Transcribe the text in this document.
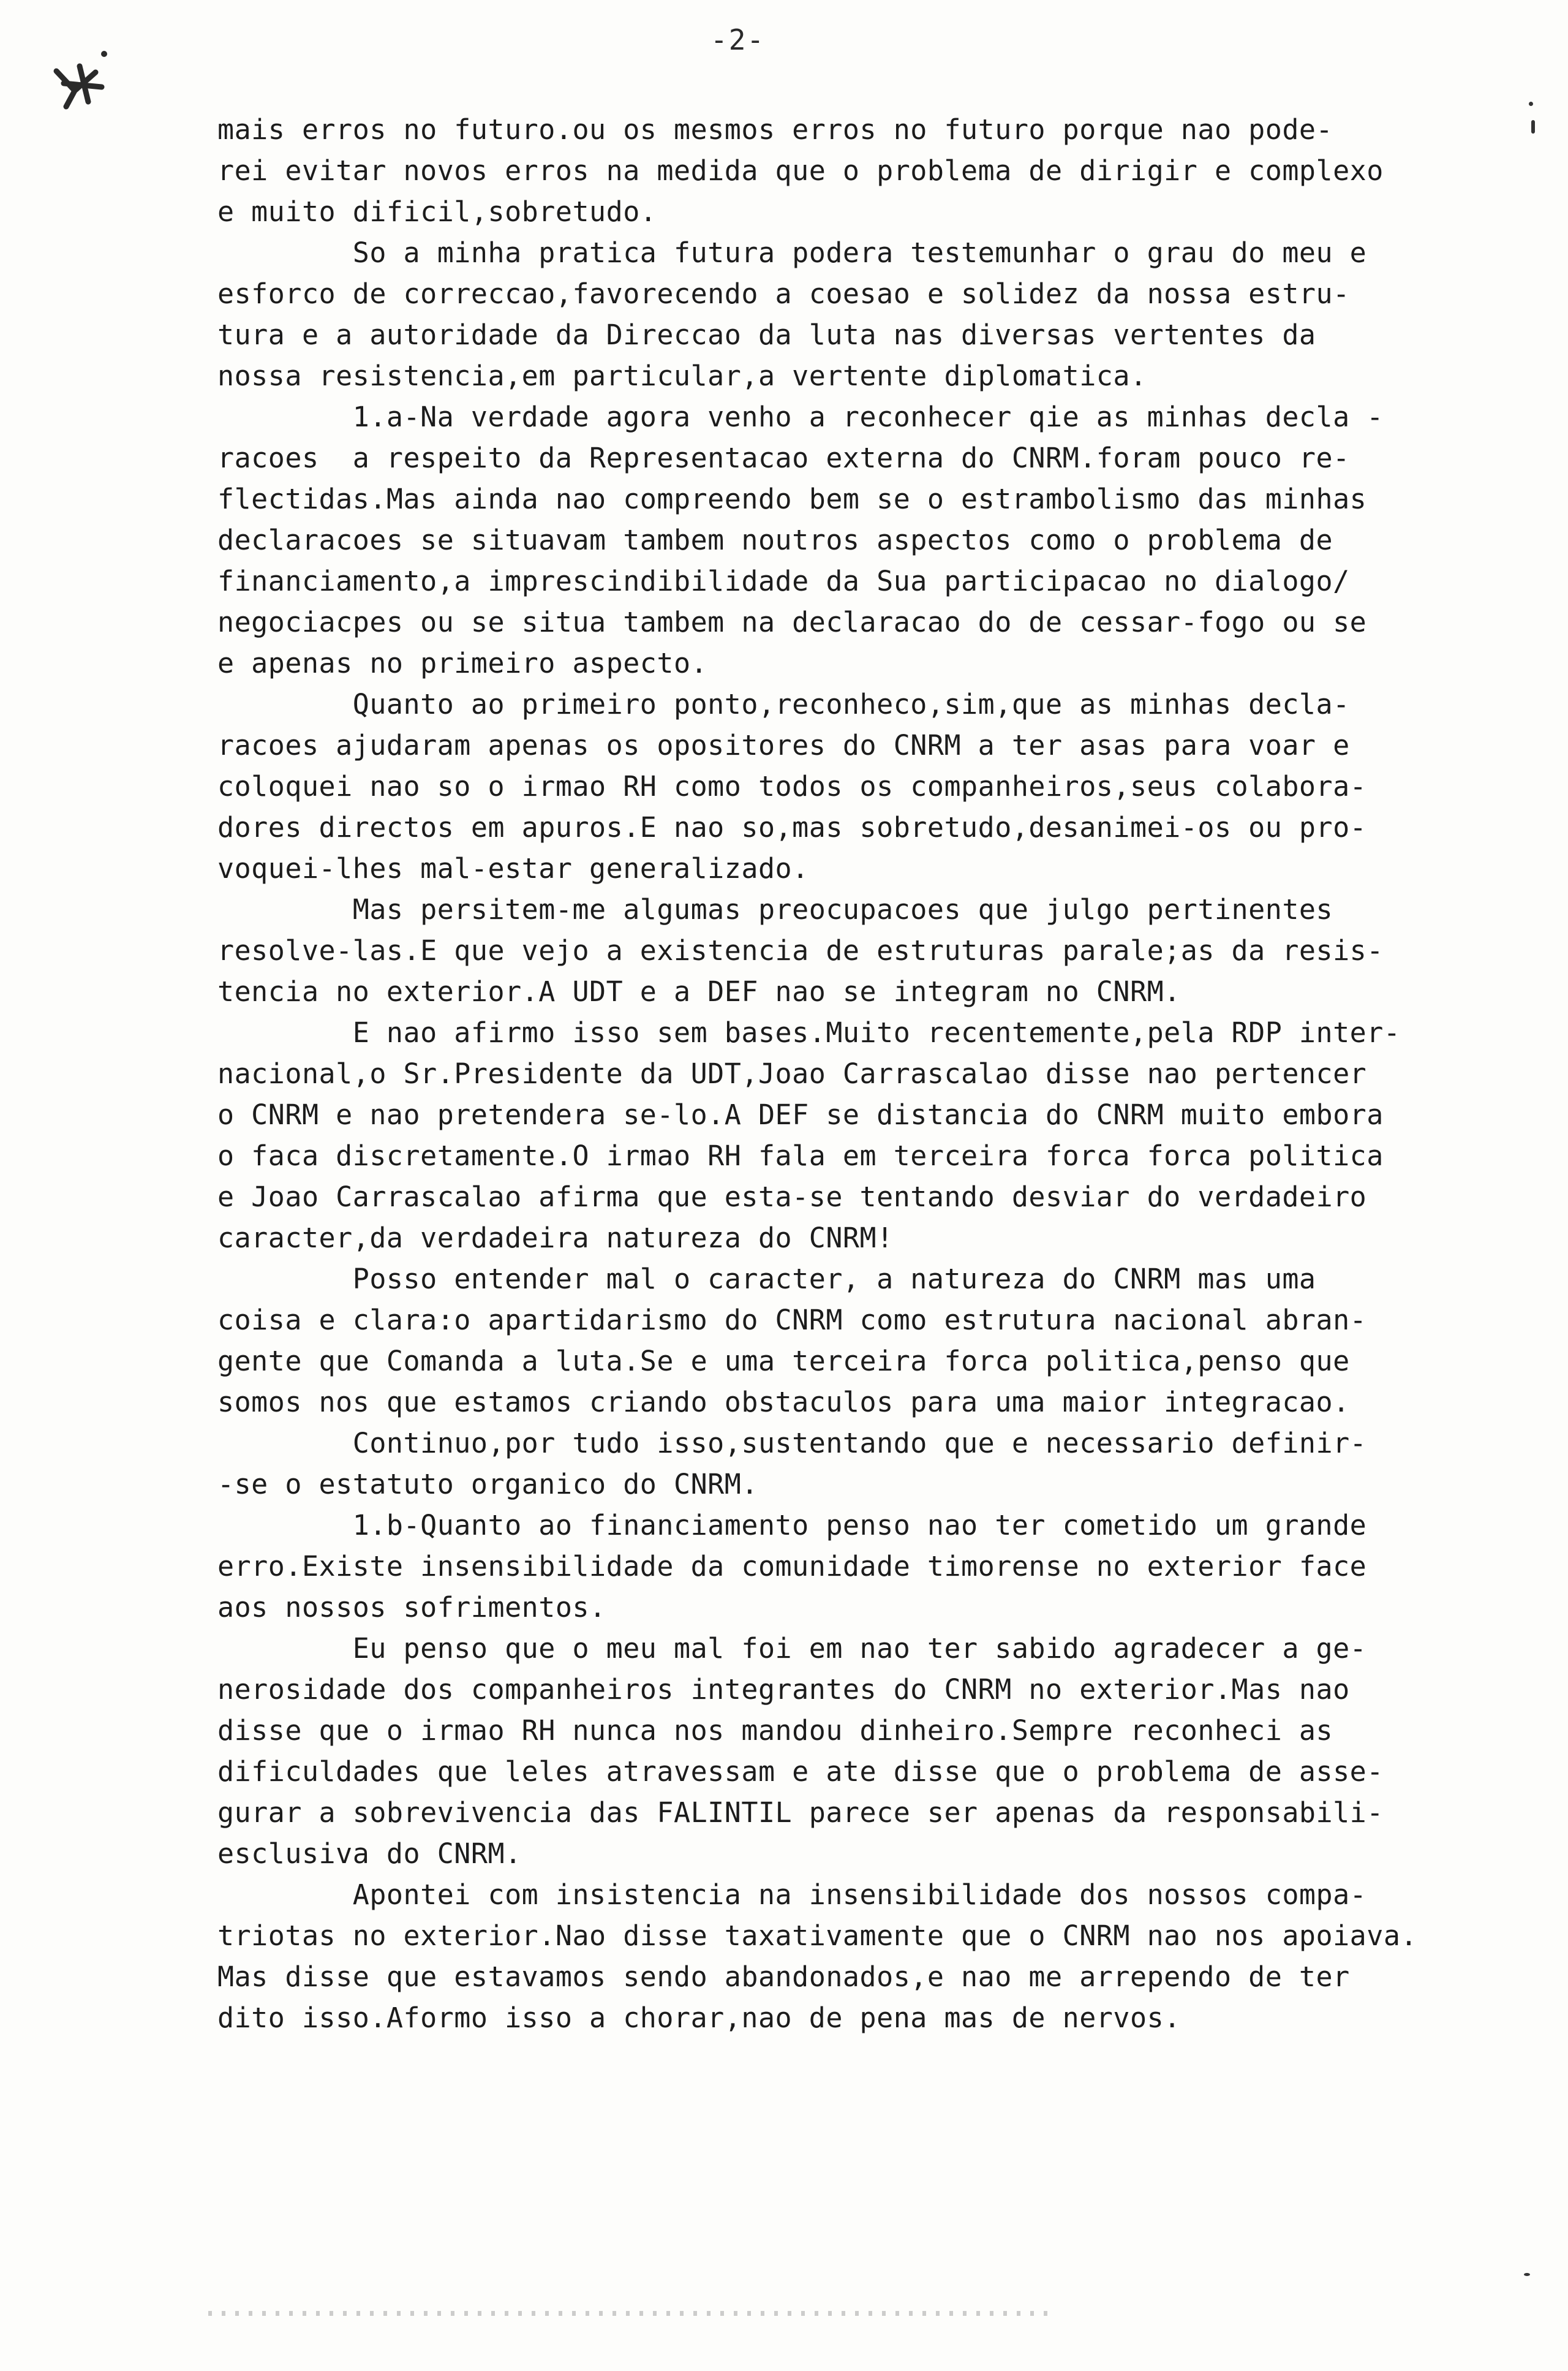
-2-
mais erros no futuro.ou os mesmos erros no futuro porque nao pode-
rei evitar novos erros na medida que o problema de dirigir e complexo
e muito dificil,sobretudo.
So a minha pratica futura podera testemunhar o grau do meu e
esforco de correccao,favorecendo a coesao e solidez da nossa estru-
tura e a autoridade da Direccao da luta nas diversas vertentes da
nossa resistencia,em particular,a vertente diplomatica.
1.a-Na verdade agora venho a reconhecer qie as minhas decla -
racoes  a respeito da Representacao externa do CNRM.foram pouco re-
flectidas.Mas ainda nao compreendo bem se o estrambolismo das minhas
declaracoes se situavam tambem noutros aspectos como o problema de
financiamento,a imprescindibilidade da Sua participacao no dialogo/
negociacpes ou se situa tambem na declaracao do de cessar-fogo ou se
e apenas no primeiro aspecto.
Quanto ao primeiro ponto,reconheco,sim,que as minhas decla-
racoes ajudaram apenas os opositores do CNRM a ter asas para voar e
coloquei nao so o irmao RH como todos os companheiros,seus colabora-
dores directos em apuros.E nao so,mas sobretudo,desanimei-os ou pro-
voquei-lhes mal-estar generalizado.
Mas persitem-me algumas preocupacoes que julgo pertinentes
resolve-las.E que vejo a existencia de estruturas parale;as da resis-
tencia no exterior.A UDT e a DEF nao se integram no CNRM.
E nao afirmo isso sem bases.Muito recentemente,pela RDP inter-
nacional,o Sr.Presidente da UDT,Joao Carrascalao disse nao pertencer
o CNRM e nao pretendera se-lo.A DEF se distancia do CNRM muito embora
o faca discretamente.O irmao RH fala em terceira forca forca politica
e Joao Carrascalao afirma que esta-se tentando desviar do verdadeiro
caracter,da verdadeira natureza do CNRM!
Posso entender mal o caracter, a natureza do CNRM mas uma
coisa e clara:o apartidarismo do CNRM como estrutura nacional abran-
gente que Comanda a luta.Se e uma terceira forca politica,penso que
somos nos que estamos criando obstaculos para uma maior integracao.
Continuo,por tudo isso,sustentando que e necessario definir-
-se o estatuto organico do CNRM.
1.b-Quanto ao financiamento penso nao ter cometido um grande
erro.Existe insensibilidade da comunidade timorense no exterior face
aos nossos sofrimentos.
Eu penso que o meu mal foi em nao ter sabido agradecer a ge-
nerosidade dos companheiros integrantes do CNRM no exterior.Mas nao
disse que o irmao RH nunca nos mandou dinheiro.Sempre reconheci as
dificuldades que leles atravessam e ate disse que o problema de asse-
gurar a sobrevivencia das FALINTIL parece ser apenas da responsabili-
esclusiva do CNRM.
Apontei com insistencia na insensibilidade dos nossos compa-
triotas no exterior.Nao disse taxativamente que o CNRM nao nos apoiava.
Mas disse que estavamos sendo abandonados,e nao me arrependo de ter
dito isso.Aformo isso a chorar,nao de pena mas de nervos.
